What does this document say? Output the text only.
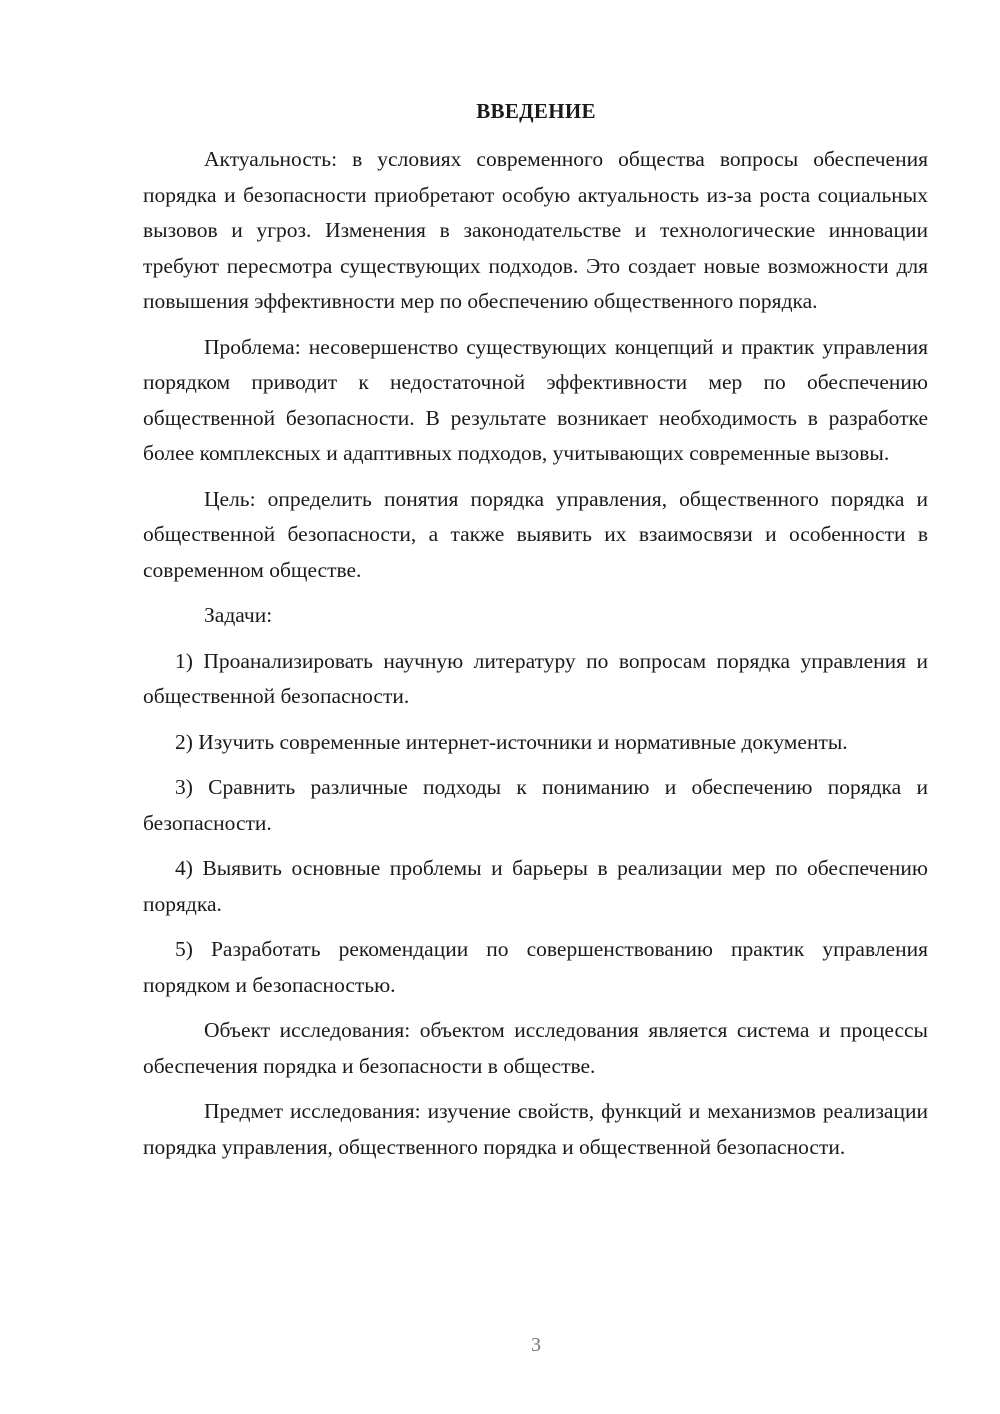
ВВЕДЕНИЕ

Актуальность: в условиях современного общества вопросы обеспечения порядка и безопасности приобретают особую актуальность из-за роста социальных вызовов и угроз. Изменения в законодательстве и технологические инновации требуют пересмотра существующих подходов. Это создает новые возможности для повышения эффективности мер по обеспечению общественного порядка.

Проблема: несовершенство существующих концепций и практик управления порядком приводит к недостаточной эффективности мер по обеспечению общественной безопасности. В результате возникает необходимость в разработке более комплексных и адаптивных подходов, учитывающих современные вызовы.

Цель: определить понятия порядка управления, общественного порядка и общественной безопасности, а также выявить их взаимосвязи и особенности в современном обществе.

Задачи:

1) Проанализировать научную литературу по вопросам порядка управления и общественной безопасности.

2) Изучить современные интернет-источники и нормативные документы.

3) Сравнить различные подходы к пониманию и обеспечению порядка и безопасности.

4) Выявить основные проблемы и барьеры в реализации мер по обеспечению порядка.

5) Разработать рекомендации по совершенствованию практик управления порядком и безопасностью.

Объект исследования: объектом исследования является система и процессы обеспечения порядка и безопасности в обществе.

Предмет исследования: изучение свойств, функций и механизмов реализации порядка управления, общественного порядка и общественной безопасности.

3
